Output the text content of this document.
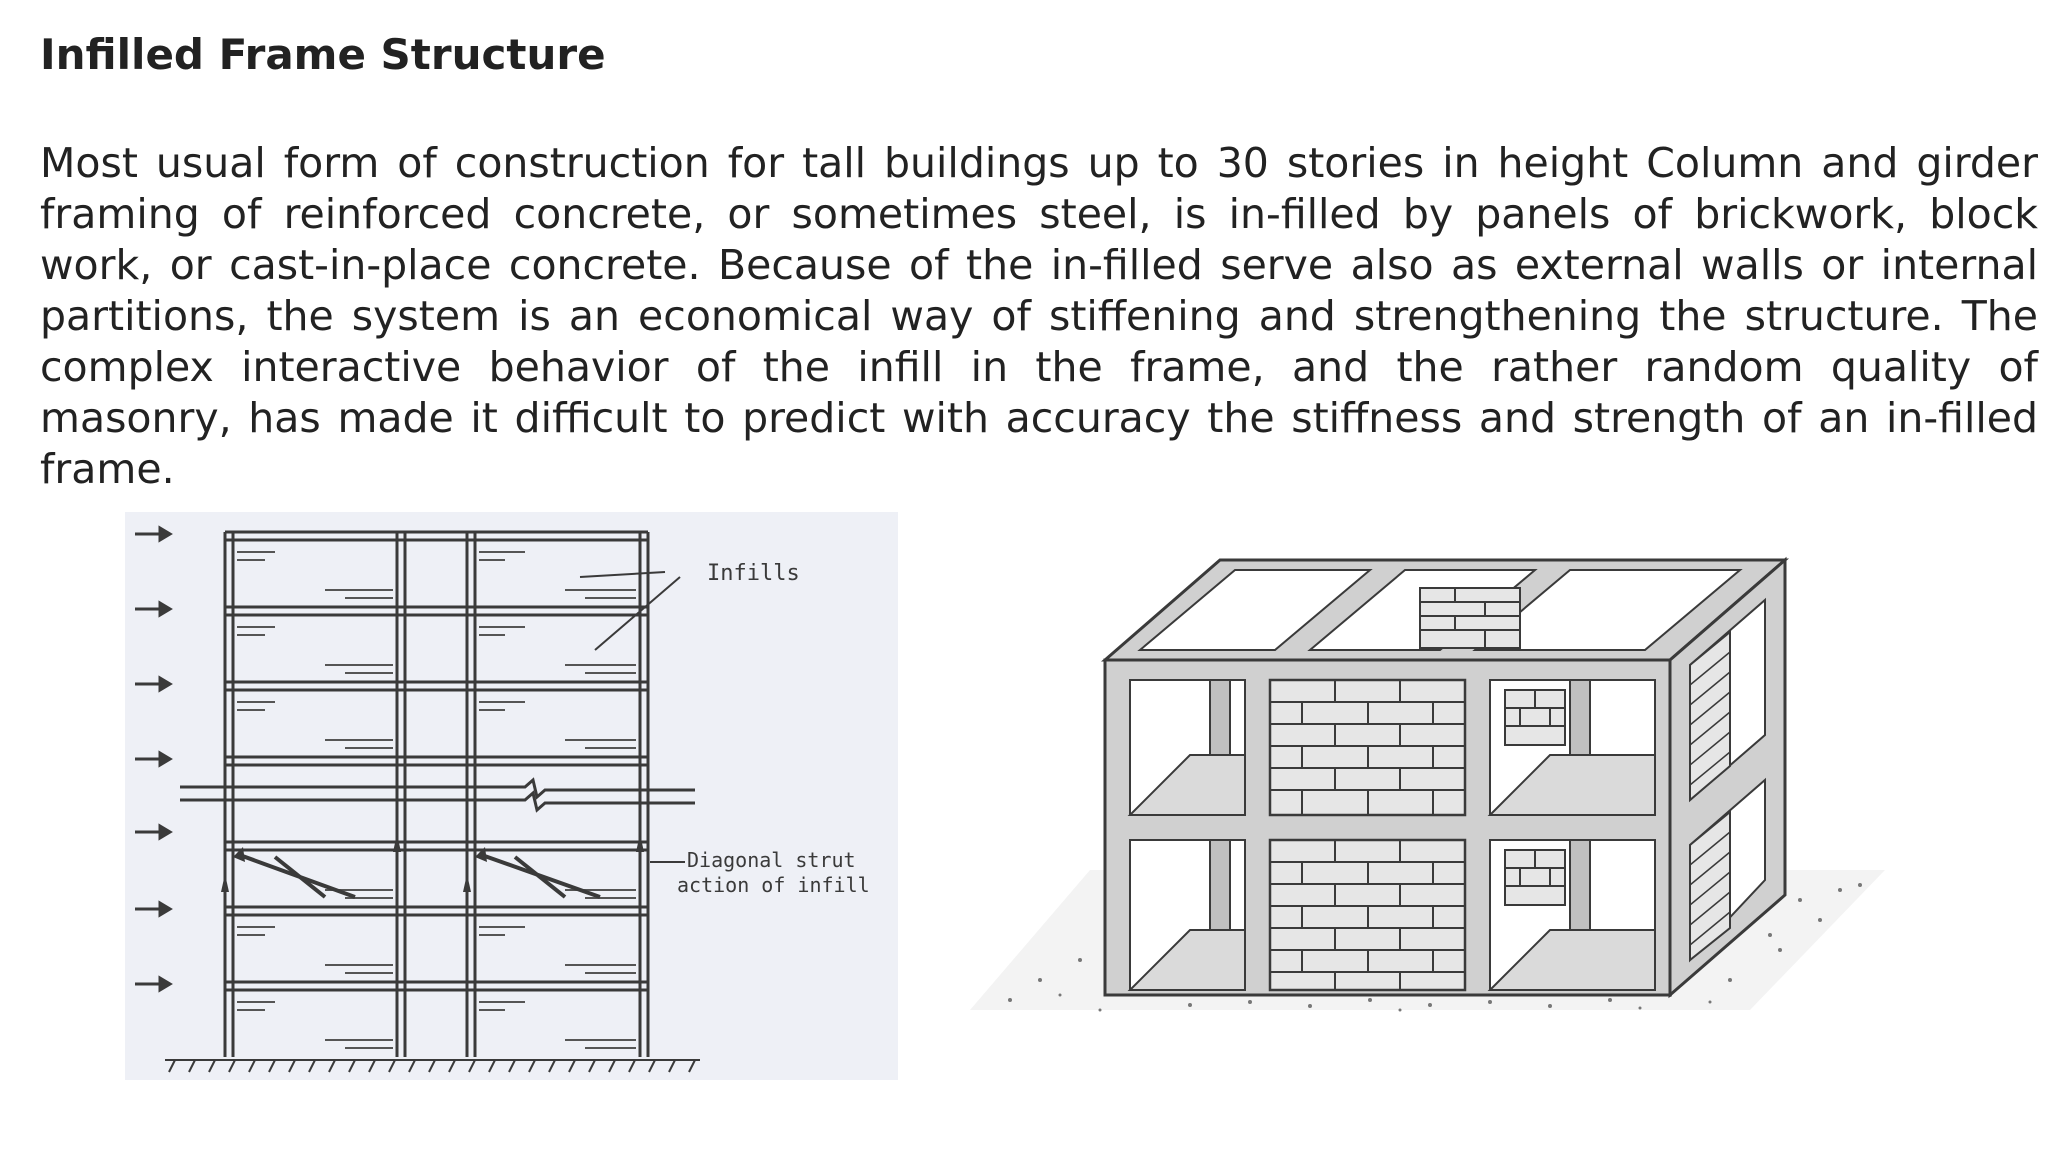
Infilled Frame Structure

Most usual form of construction for tall buildings up to 30 stories in height Column and girder framing of reinforced concrete, or sometimes steel, is in-filled by panels of brickwork, block work, or cast-in-place concrete. Because of the in-filled serve also as external walls or internal partitions, the system is an economical way of stiffening and strengthening the structure. The complex interactive behavior of the infill in the frame, and the rather random quality of masonry, has made it difficult to predict with accuracy the stiffness and strength of an in-filled frame.

Infills
Diagonal strut
action of infill
